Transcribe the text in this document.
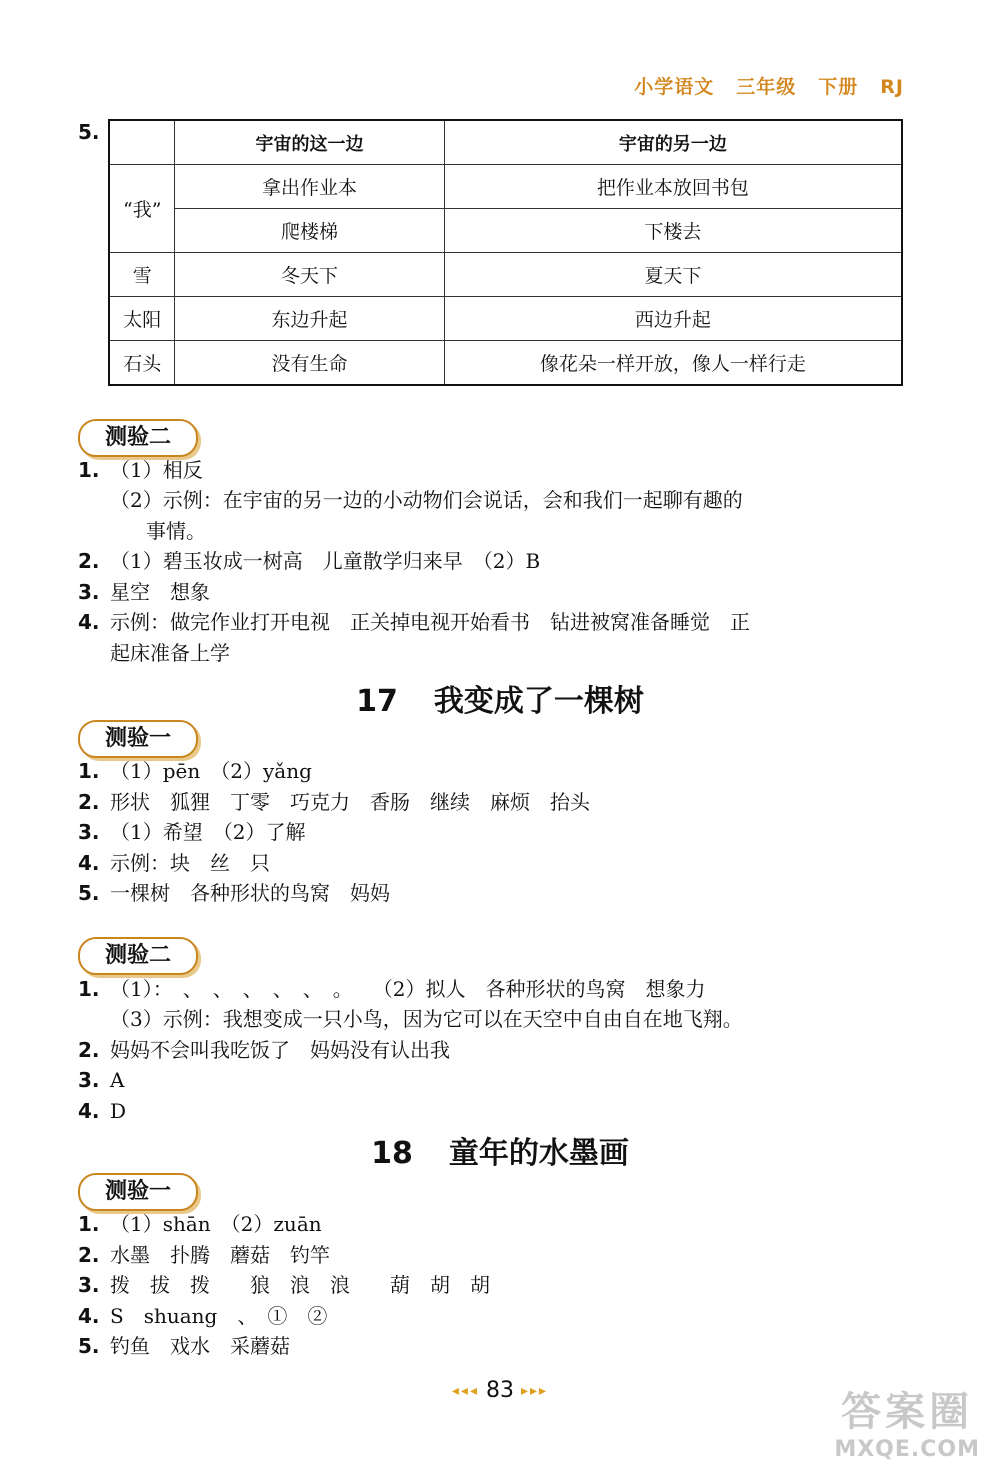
小学语文 三年级 下册 RJ
5.
		宇宙的这一边	宇宙的另一边
“我”	拿出作业本	把作业本放回书包
	爬楼梯	下楼去
雪	冬天下	夏天下
太阳	东边升起	西边升起
石头	没有生命	像花朵一样开放，像人一样行走
测验二
1. （1）相反
（2）示例：在宇宙的另一边的小动物们会说话，会和我们一起聊有趣的
事情。
2. （1）碧玉妆成一树高　儿童散学归来早　（2）B
3. 星空　想象
4. 示例：做完作业打开电视　正关掉电视开始看书　钻进被窝准备睡觉　正
起床准备上学
17 我变成了一棵树
测验一
1. （1）pēn　（2）yǎng
2. 形状　狐狸　丁零　巧克力　香肠　继续　麻烦　抬头
3. （1）希望　（2）了解
4. 示例：块　丝　只
5. 一棵树　各种形状的鸟窝　妈妈
测验二
1. （1）：　、　、　、　、　、　。　　（2）拟人　各种形状的鸟窝　想象力
（3）示例：我想变成一只小鸟，因为它可以在天空中自由自在地飞翔。
2. 妈妈不会叫我吃饭了　妈妈没有认出我
3. A
4. D
18 童年的水墨画
测验一
1. （1）shān　（2）zuān
2. 水墨　扑腾　蘑菇　钓竿
3. 拨　拔　拨　　狼　浪　浪　　葫　胡　胡
4. S　shuang　、　①　②
5. 钓鱼　戏水　采蘑菇
◂◂◂ 83 ▸▸▸	答案圈
MXQE.COM
